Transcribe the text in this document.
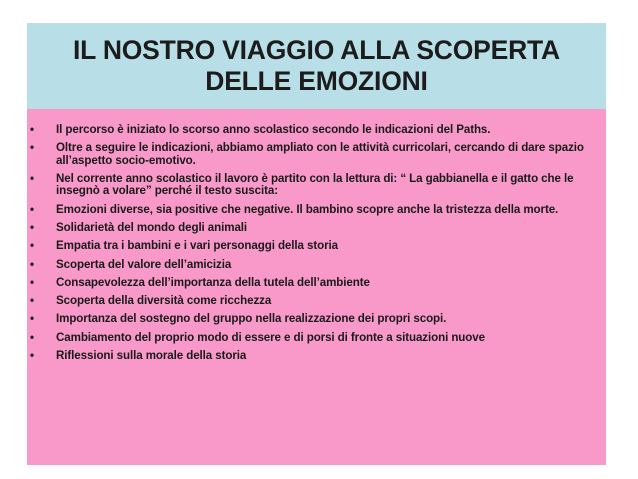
IL NOSTRO VIAGGIO ALLA SCOPERTA
DELLE EMOZIONI
• Il percorso è iniziato lo scorso anno scolastico secondo le indicazioni del Paths.
• Oltre a seguire le indicazioni, abbiamo ampliato con le attività curricolari, cercando di dare spazio all’aspetto socio-emotivo.
• Nel corrente anno scolastico il lavoro è partito con la lettura di: “ La gabbianella e il gatto che le insegnò a volare” perché il testo suscita:
• Emozioni diverse, sia positive che negative. Il bambino scopre anche la tristezza della morte.
• Solidarietà del mondo degli animali
• Empatia tra i bambini e i vari personaggi della storia
• Scoperta del valore dell’amicizia
• Consapevolezza dell’importanza della tutela dell’ambiente
• Scoperta della diversità come ricchezza
• Importanza del sostegno del gruppo nella realizzazione dei propri scopi.
• Cambiamento del proprio modo di essere e di porsi di fronte a situazioni nuove
• Riflessioni sulla morale della storia
